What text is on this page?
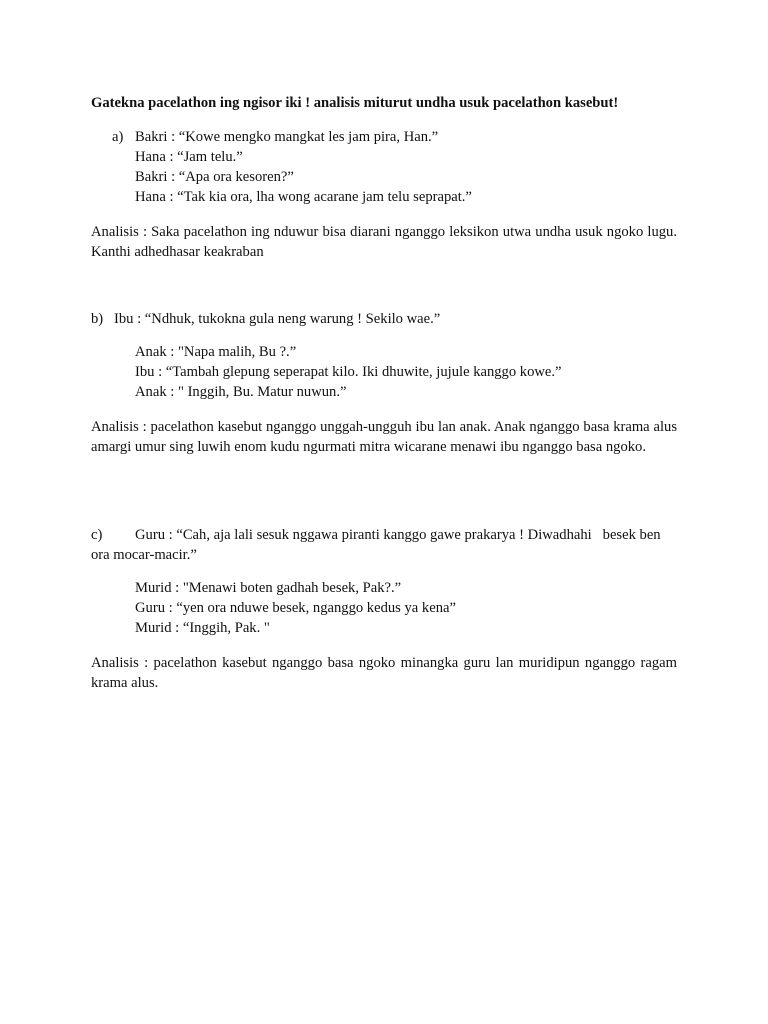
Gatekna pacelathon ing ngisor iki ! analisis miturut undha usuk pacelathon kasebut!
a) Bakri : “Kowe mengko mangkat les jam pira, Han.”
Hana : “Jam telu.”
Bakri : “Apa ora kesoren?”
Hana : “Tak kia ora, lha wong acarane jam telu seprapat.”
Analisis : Saka pacelathon ing nduwur bisa diarani nganggo leksikon utwa undha usuk ngoko lugu. Kanthi adhedhasar keakraban
b) Ibu : “Ndhuk, tukokna gula neng warung ! Sekilo wae.”
Anak : "Napa malih, Bu ?.”
Ibu : “Tambah glepung seperapat kilo. Iki dhuwite, jujule kanggo kowe.”
Anak : " Inggih, Bu. Matur nuwun.”
Analisis : pacelathon kasebut nganggo unggah-ungguh ibu lan anak. Anak nganggo basa krama alus amargi umur sing luwih enom kudu ngurmati mitra wicarane menawi ibu nganggo basa ngoko.
c) Guru : “Cah, aja lali sesuk nggawa piranti kanggo gawe prakarya ! Diwadhahi   besek ben
ora mocar-macir.”
Murid : "Menawi boten gadhah besek, Pak?.”
Guru : “yen ora nduwe besek, nganggo kedus ya kena”
Murid : “Inggih, Pak. "
Analisis : pacelathon kasebut nganggo basa ngoko minangka guru lan muridipun nganggo ragam krama alus.
